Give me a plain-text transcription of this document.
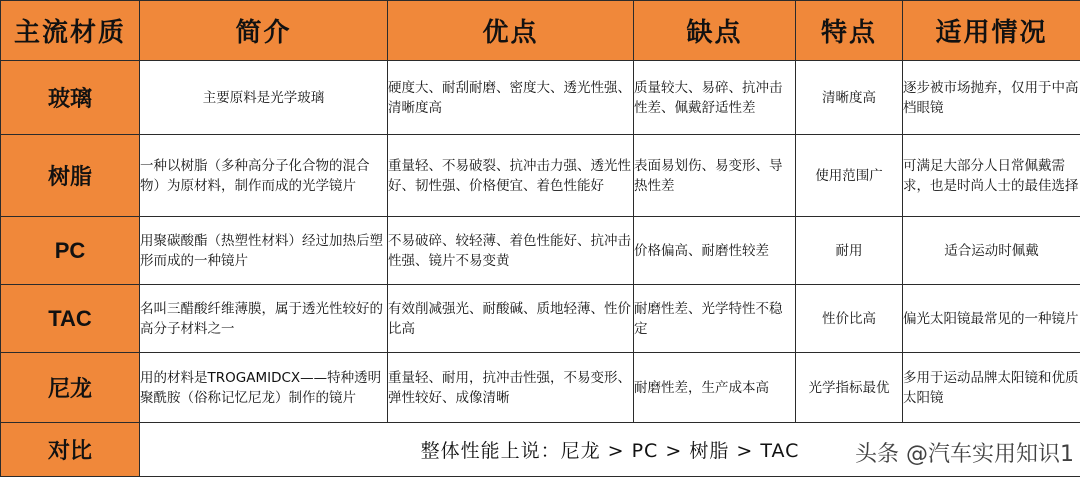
主流材质	简介	优点	缺点	特点	适用情况
玻璃	主要原料是光学玻璃	硬度大、耐刮耐磨、密度大、透光性强、清晰度高	质量较大、易碎、抗冲击性差、佩戴舒适性差	清晰度高	逐步被市场抛弃，仅用于中高档眼镜
树脂	一种以树脂（多种高分子化合物的混合物）为原材料，制作而成的光学镜片	重量轻、不易破裂、抗冲击力强、透光性好、韧性强、价格便宜、着色性能好	表面易划伤、易变形、导热性差	使用范围广	可满足大部分人日常佩戴需求，也是时尚人士的最佳选择
PC	用聚碳酸酯（热塑性材料）经过加热后塑形而成的一种镜片	不易破碎、较轻薄、着色性能好、抗冲击性强、镜片不易变黄	价格偏高、耐磨性较差	耐用	适合运动时佩戴
TAC	名叫三醋酸纤维薄膜，属于透光性较好的高分子材料之一	有效削减强光、耐酸碱、质地轻薄、性价比高	耐磨性差、光学特性不稳定	性价比高	偏光太阳镜最常见的一种镜片
尼龙	用的材料是TROGAMIDCX——特种透明聚酰胺（俗称记忆尼龙）制作的镜片	重量轻、耐用，抗冲击性强，不易变形、弹性较好、成像清晰	耐磨性差，生产成本高	光学指标最优	多用于运动品牌太阳镜和优质太阳镜
对比	整体性能上说：尼龙 > PC > 树脂 > TAC					头条 @汽车实用知识1
